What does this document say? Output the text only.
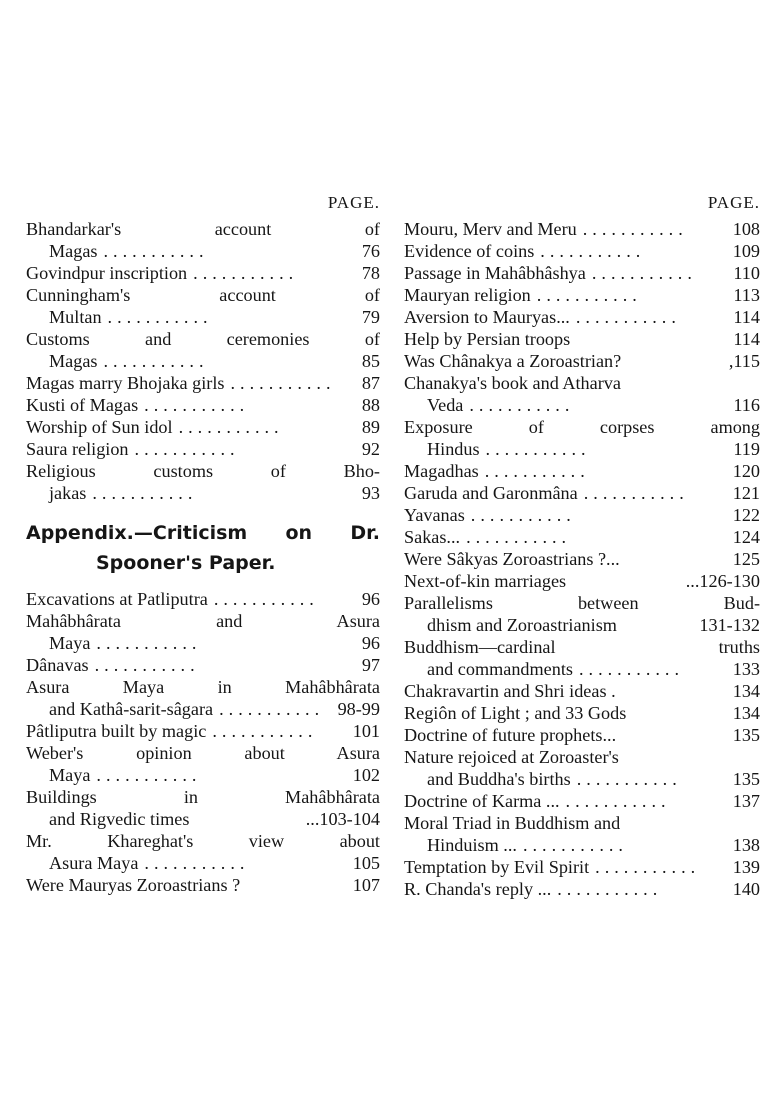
PAGE.
Bhandarkar's account of
Magas ...........	76
Govindpur inscription ...........	78
Cunningham's account of
Multan ...........	79
Customs and ceremonies of
Magas ...........	85
Magas marry Bhojaka girls ...........	87
Kusti of Magas ...........	88
Worship of Sun idol ...........	89
Saura religion ...........	92
Religious customs of Bho-
jakas ...........	93
Appendix.—Criticism on Dr.
Spooner's Paper.
Excavations at Patliputra ...........	96
Mahâbhârata and Asura
Maya ...........	96
Dânavas ...........	97
Asura Maya in Mahâbhârata
and Kathâ-sarit-sâgara ........... 98-99
Pâtliputra built by magic ...........	101
Weber's opinion about Asura
Maya ...........	102
Buildings in Mahâbhârata
and Rigvedic times	...103-104
Mr. Khareghat's view about
Asura Maya ...........	105
Were Mauryas Zoroastrians ?	107
PAGE.
Mouru, Merv and Meru ...........	108
Evidence of coins ...........	109
Passage in Mahâbhâshya ...........	110
Mauryan religion ...........	113
Aversion to Mauryas... ...........	114
Help by Persian troops	114
Was Chânakya a Zoroastrian?	,115
Chanakya's book and Atharva
Veda ...........	116
Exposure of corpses among
Hindus ...........	119
Magadhas ...........	120
Garuda and Garonmâna ...........	121
Yavanas ...........	122
Sakas... ...........	124
Were Sâkyas Zoroastrians ?...	125
Next-of-kin marriages	...126-130
Parallelisms between Bud-
dhism and Zoroastrianism	131-132
Buddhism—cardinal truths
and commandments ...........	133
Chakravartin and Shri ideas .	134
Regiôn of Light ; and 33 Gods	134
Doctrine of future prophets...	135
Nature rejoiced at Zoroaster's
and Buddha's births ...........	135
Doctrine of Karma ... ...........	137
Moral Triad in Buddhism and
Hinduism ... ...........	138
Temptation by Evil Spirit ...........	139
R. Chanda's reply ... ...........	140
